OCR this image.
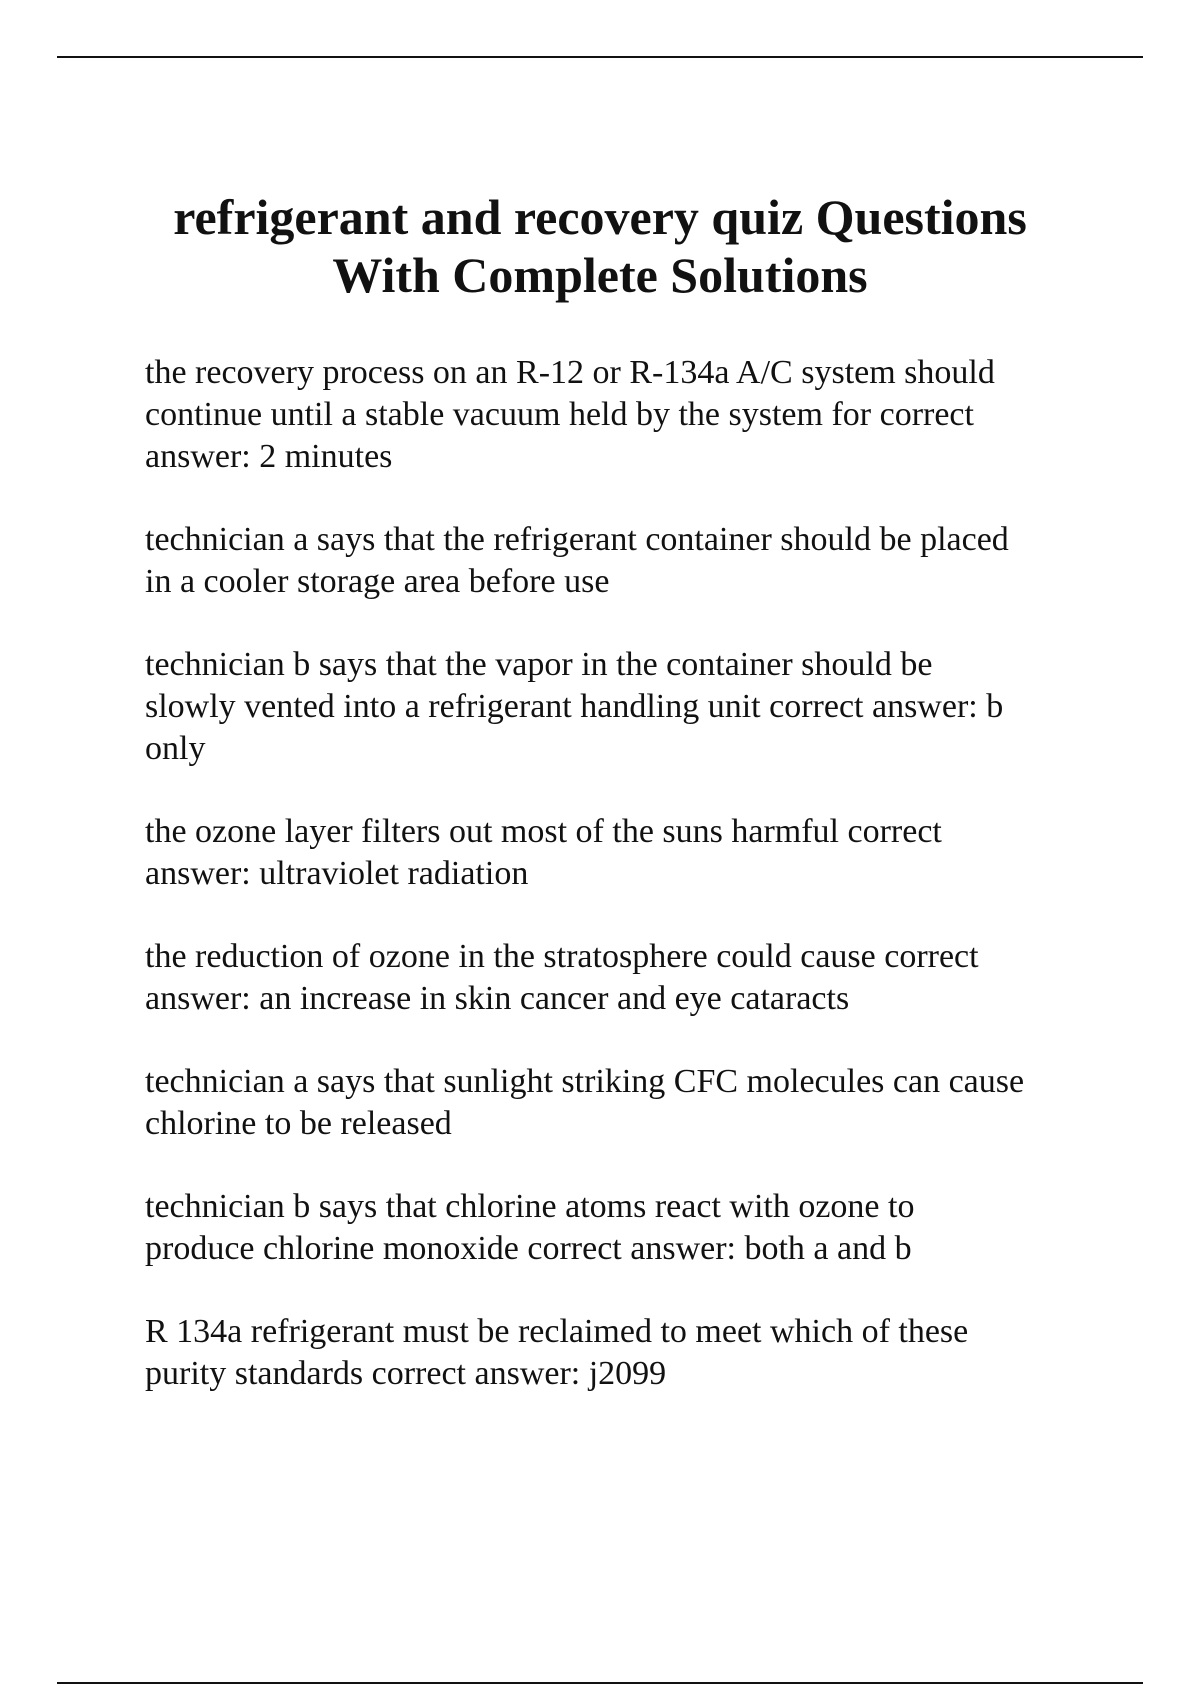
refrigerant and recovery quiz Questions
With Complete Solutions

the recovery process on an R-12 or R-134a A/C system should
continue until a stable vacuum held by the system for correct
answer: 2 minutes

technician a says that the refrigerant container should be placed
in a cooler storage area before use

technician b says that the vapor in the container should be
slowly vented into a refrigerant handling unit correct answer: b
only

the ozone layer filters out most of the suns harmful correct
answer: ultraviolet radiation

the reduction of ozone in the stratosphere could cause correct
answer: an increase in skin cancer and eye cataracts

technician a says that sunlight striking CFC molecules can cause
chlorine to be released

technician b says that chlorine atoms react with ozone to
produce chlorine monoxide correct answer: both a and b

R 134a refrigerant must be reclaimed to meet which of these
purity standards correct answer: j2099
